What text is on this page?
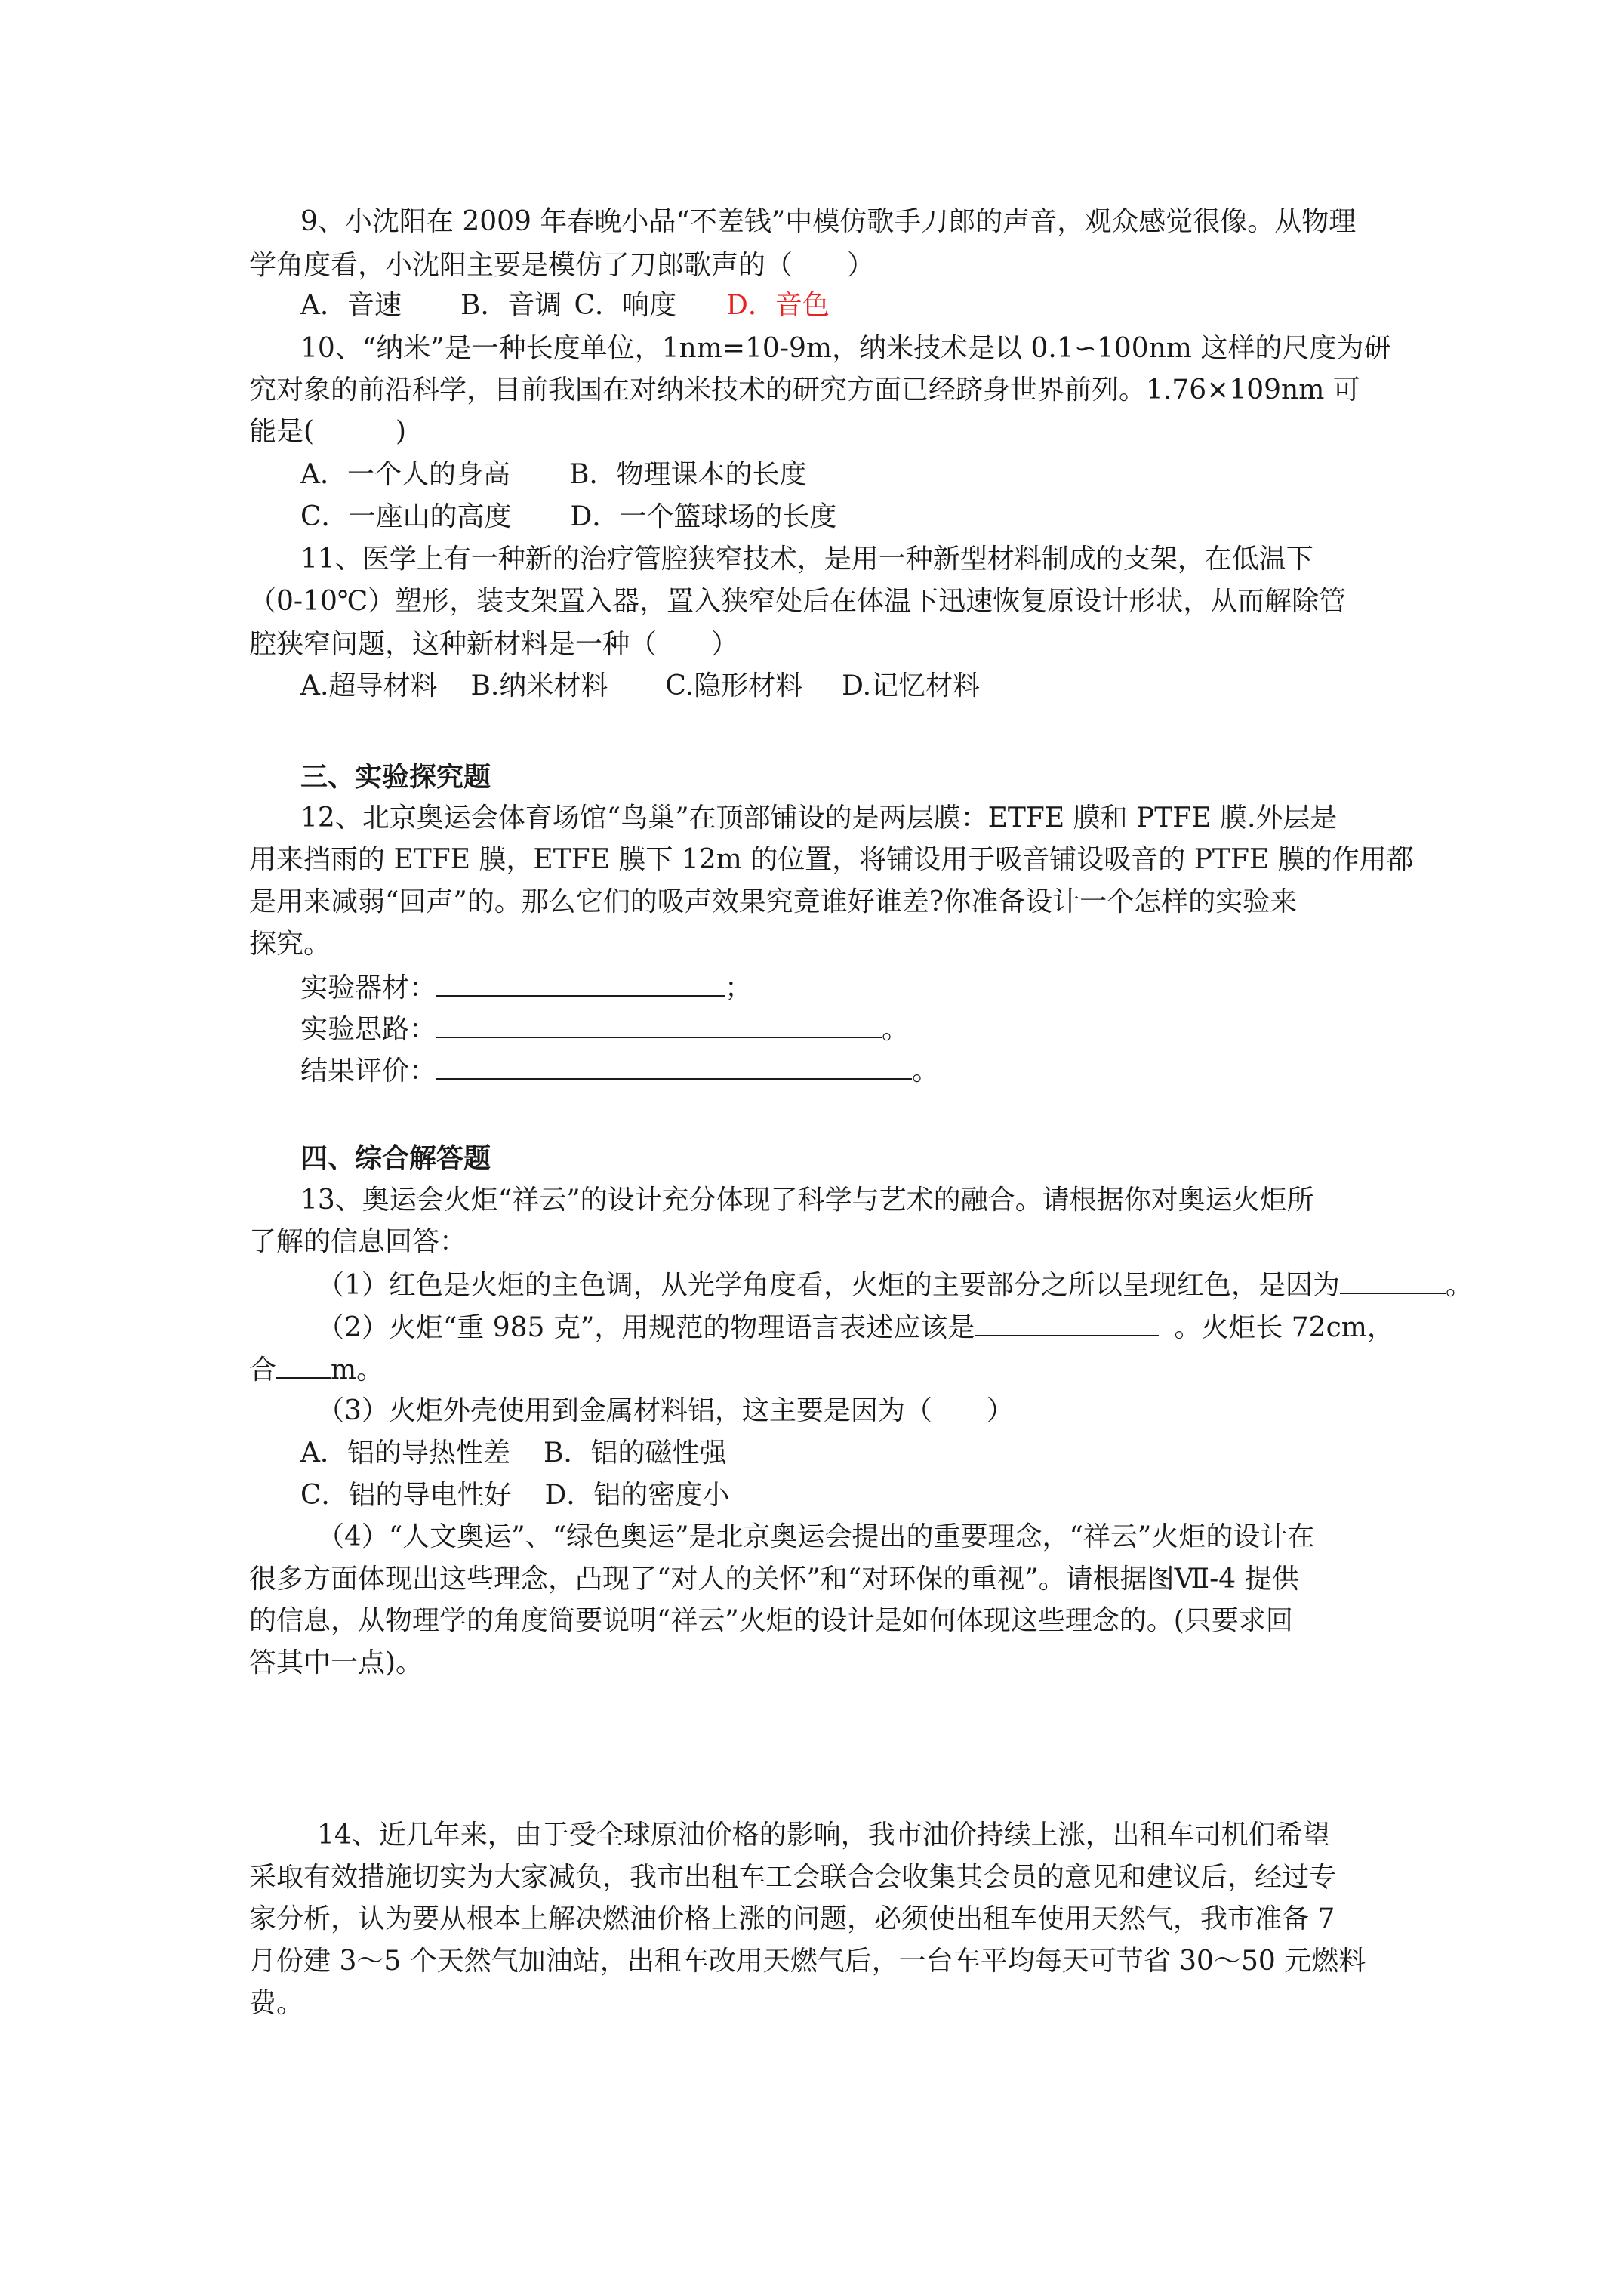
9、小沈阳在 2009 年春晚小品“不差钱”中模仿歌手刀郎的声音，观众感觉很像。从物理
学角度看，小沈阳主要是模仿了刀郎歌声的（　　）
A．音速 B．音调 C．响度 D．音色
10、“纳米”是一种长度单位，1nm=10-9m，纳米技术是以 0.1∽100nm 这样的尺度为研
究对象的前沿科学，目前我国在对纳米技术的研究方面已经跻身世界前列。1.76×109nm 可
能是(　　　)
A．一个人的身高 B．物理课本的长度
C．一座山的高度 D．一个篮球场的长度
11、医学上有一种新的治疗管腔狭窄技术，是用一种新型材料制成的支架，在低温下
（0-10℃）塑形，装支架置入器，置入狭窄处后在体温下迅速恢复原设计形状，从而解除管
腔狭窄问题，这种新材料是一种（　　）
A.超导材料 B.纳米材料 C.隐形材料 D.记忆材料
三、实验探究题
12、北京奥运会体育场馆“鸟巢”在顶部铺设的是两层膜：ETFE 膜和 PTFE 膜.外层是
用来挡雨的 ETFE 膜，ETFE 膜下 12m 的位置，将铺设用于吸音铺设吸音的 PTFE 膜的作用都
是用来减弱“回声”的。那么它们的吸声效果究竟谁好谁差?你准备设计一个怎样的实验来
探究。
实验器材：	；
实验思路：	。
结果评价：	。
四、综合解答题
13、奥运会火炬“祥云”的设计充分体现了科学与艺术的融合。请根据你对奥运火炬所
了解的信息回答：
（1）红色是火炬的主色调，从光学角度看，火炬的主要部分之所以呈现红色，是因为	。
（2）火炬“重 985 克”，用规范的物理语言表述应该是	。火炬长 72cm，
合 m。
（3）火炬外壳使用到金属材料铝，这主要是因为（　　）
A．铝的导热性差 B．铝的磁性强
C．铝的导电性好 D．铝的密度小
（4）“人文奥运”、“绿色奥运”是北京奥运会提出的重要理念，“祥云”火炬的设计在
很多方面体现出这些理念，凸现了“对人的关怀”和“对环保的重视”。请根据图Ⅶ-4 提供
的信息，从物理学的角度简要说明“祥云”火炬的设计是如何体现这些理念的。(只要求回
答其中一点)。
14、近几年来，由于受全球原油价格的影响，我市油价持续上涨，出租车司机们希望
采取有效措施切实为大家减负，我市出租车工会联合会收集其会员的意见和建议后，经过专
家分析，认为要从根本上解决燃油价格上涨的问题，必须使出租车使用天然气，我市准备 7
月份建 3～5 个天然气加油站，出租车改用天燃气后，一台车平均每天可节省 30～50 元燃料
费。
